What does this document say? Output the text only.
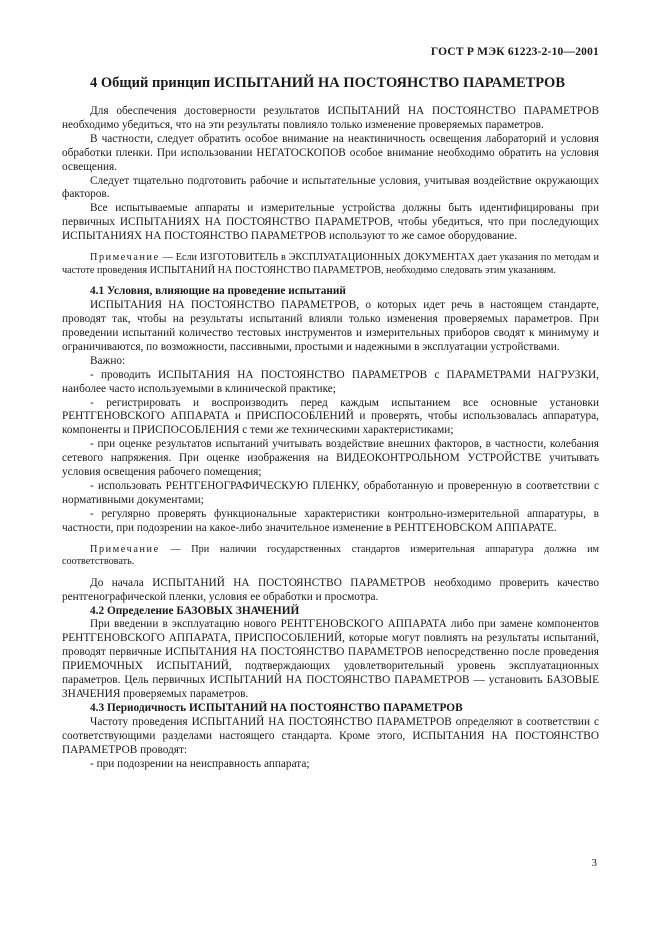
ГОСТ Р МЭК 61223-2-10—2001
4 Общий принцип ИСПЫТАНИЙ НА ПОСТОЯНСТВО ПАРАМЕТРОВ

Для обеспечения достоверности результатов ИСПЫТАНИЙ НА ПОСТОЯНСТВО ПАРАМЕТРОВ необходимо убедиться, что на эти результаты повлияло только изменение проверяемых параметров.

В частности, следует обратить особое внимание на неактиничность освещения лабораторий и условия обработки пленки. При использовании НЕГАТОСКОПОВ особое внимание необходимо обратить на условия освещения.

Следует тщательно подготовить рабочие и испытательные условия, учитывая воздействие окружающих факторов.

Все испытываемые аппараты и измерительные устройства должны быть идентифицированы при первичных ИСПЫТАНИЯХ НА ПОСТОЯНСТВО ПАРАМЕТРОВ, чтобы убедиться, что при последующих ИСПЫТАНИЯХ НА ПОСТОЯНСТВО ПАРАМЕТРОВ используют то же самое оборудование.

Примечание — Если ИЗГОТОВИТЕЛЬ в ЭКСПЛУАТАЦИОННЫХ ДОКУМЕНТАХ дает указания по методам и частоте проведения ИСПЫТАНИЙ НА ПОСТОЯНСТВО ПАРАМЕТРОВ, необходимо следовать этим указаниям.

4.1 Условия, влияющие на проведение испытаний

ИСПЫТАНИЯ НА ПОСТОЯНСТВО ПАРАМЕТРОВ, о которых идет речь в настоящем стандарте, проводят так, чтобы на результаты испытаний влияли только изменения проверяемых параметров. При проведении испытаний количество тестовых инструментов и измерительных приборов сводят к минимуму и ограничиваются, по возможности, пассивными, простыми и надежными в эксплуатации устройствами.

Важно:

- проводить ИСПЫТАНИЯ НА ПОСТОЯНСТВО ПАРАМЕТРОВ с ПАРАМЕТРАМИ НАГРУЗКИ, наиболее часто используемыми в клинической практике;

- регистрировать и воспроизводить перед каждым испытанием все основные установки РЕНТГЕНОВСКОГО АППАРАТА и ПРИСПОСОБЛЕНИЙ и проверять, чтобы использовалась аппаратура, компоненты и ПРИСПОСОБЛЕНИЯ с теми же техническими характеристиками;

- при оценке результатов испытаний учитывать воздействие внешних факторов, в частности, колебания сетевого напряжения. При оценке изображения на ВИДЕОКОНТРОЛЬНОМ УСТРОЙСТВЕ учитывать условия освещения рабочего помещения;

- использовать РЕНТГЕНОГРАФИЧЕСКУЮ ПЛЕНКУ, обработанную и проверенную в соответствии с нормативными документами;

- регулярно проверять функциональные характеристики контрольно-измерительной аппаратуры, в частности, при подозрении на какое-либо значительное изменение в РЕНТГЕНОВСКОМ АППАРАТЕ.

Примечание — При наличии государственных стандартов измерительная аппаратура должна им соответствовать.

До начала ИСПЫТАНИЙ НА ПОСТОЯНСТВО ПАРАМЕТРОВ необходимо проверить качество рентгенографической пленки, условия ее обработки и просмотра.

4.2 Определение БАЗОВЫХ ЗНАЧЕНИЙ

При введении в эксплуатацию нового РЕНТГЕНОВСКОГО АППАРАТА либо при замене компонентов РЕНТГЕНОВСКОГО АППАРАТА, ПРИСПОСОБЛЕНИЙ, которые могут повлиять на результаты испытаний, проводят первичные ИСПЫТАНИЯ НА ПОСТОЯНСТВО ПАРАМЕТРОВ непосредственно после проведения ПРИЕМОЧНЫХ ИСПЫТАНИЙ, подтверждающих удовлетворительный уровень эксплуатационных параметров. Цель первичных ИСПЫТАНИЙ НА ПОСТОЯНСТВО ПАРАМЕТРОВ — установить БАЗОВЫЕ ЗНАЧЕНИЯ проверяемых параметров.

4.3 Периодичность ИСПЫТАНИЙ НА ПОСТОЯНСТВО ПАРАМЕТРОВ

Частоту проведения ИСПЫТАНИЙ НА ПОСТОЯНСТВО ПАРАМЕТРОВ определяют в соответствии с соответствующими разделами настоящего стандарта. Кроме этого, ИСПЫТАНИЯ НА ПОСТОЯНСТВО ПАРАМЕТРОВ проводят:

- при подозрении на неисправность аппарата;

3
